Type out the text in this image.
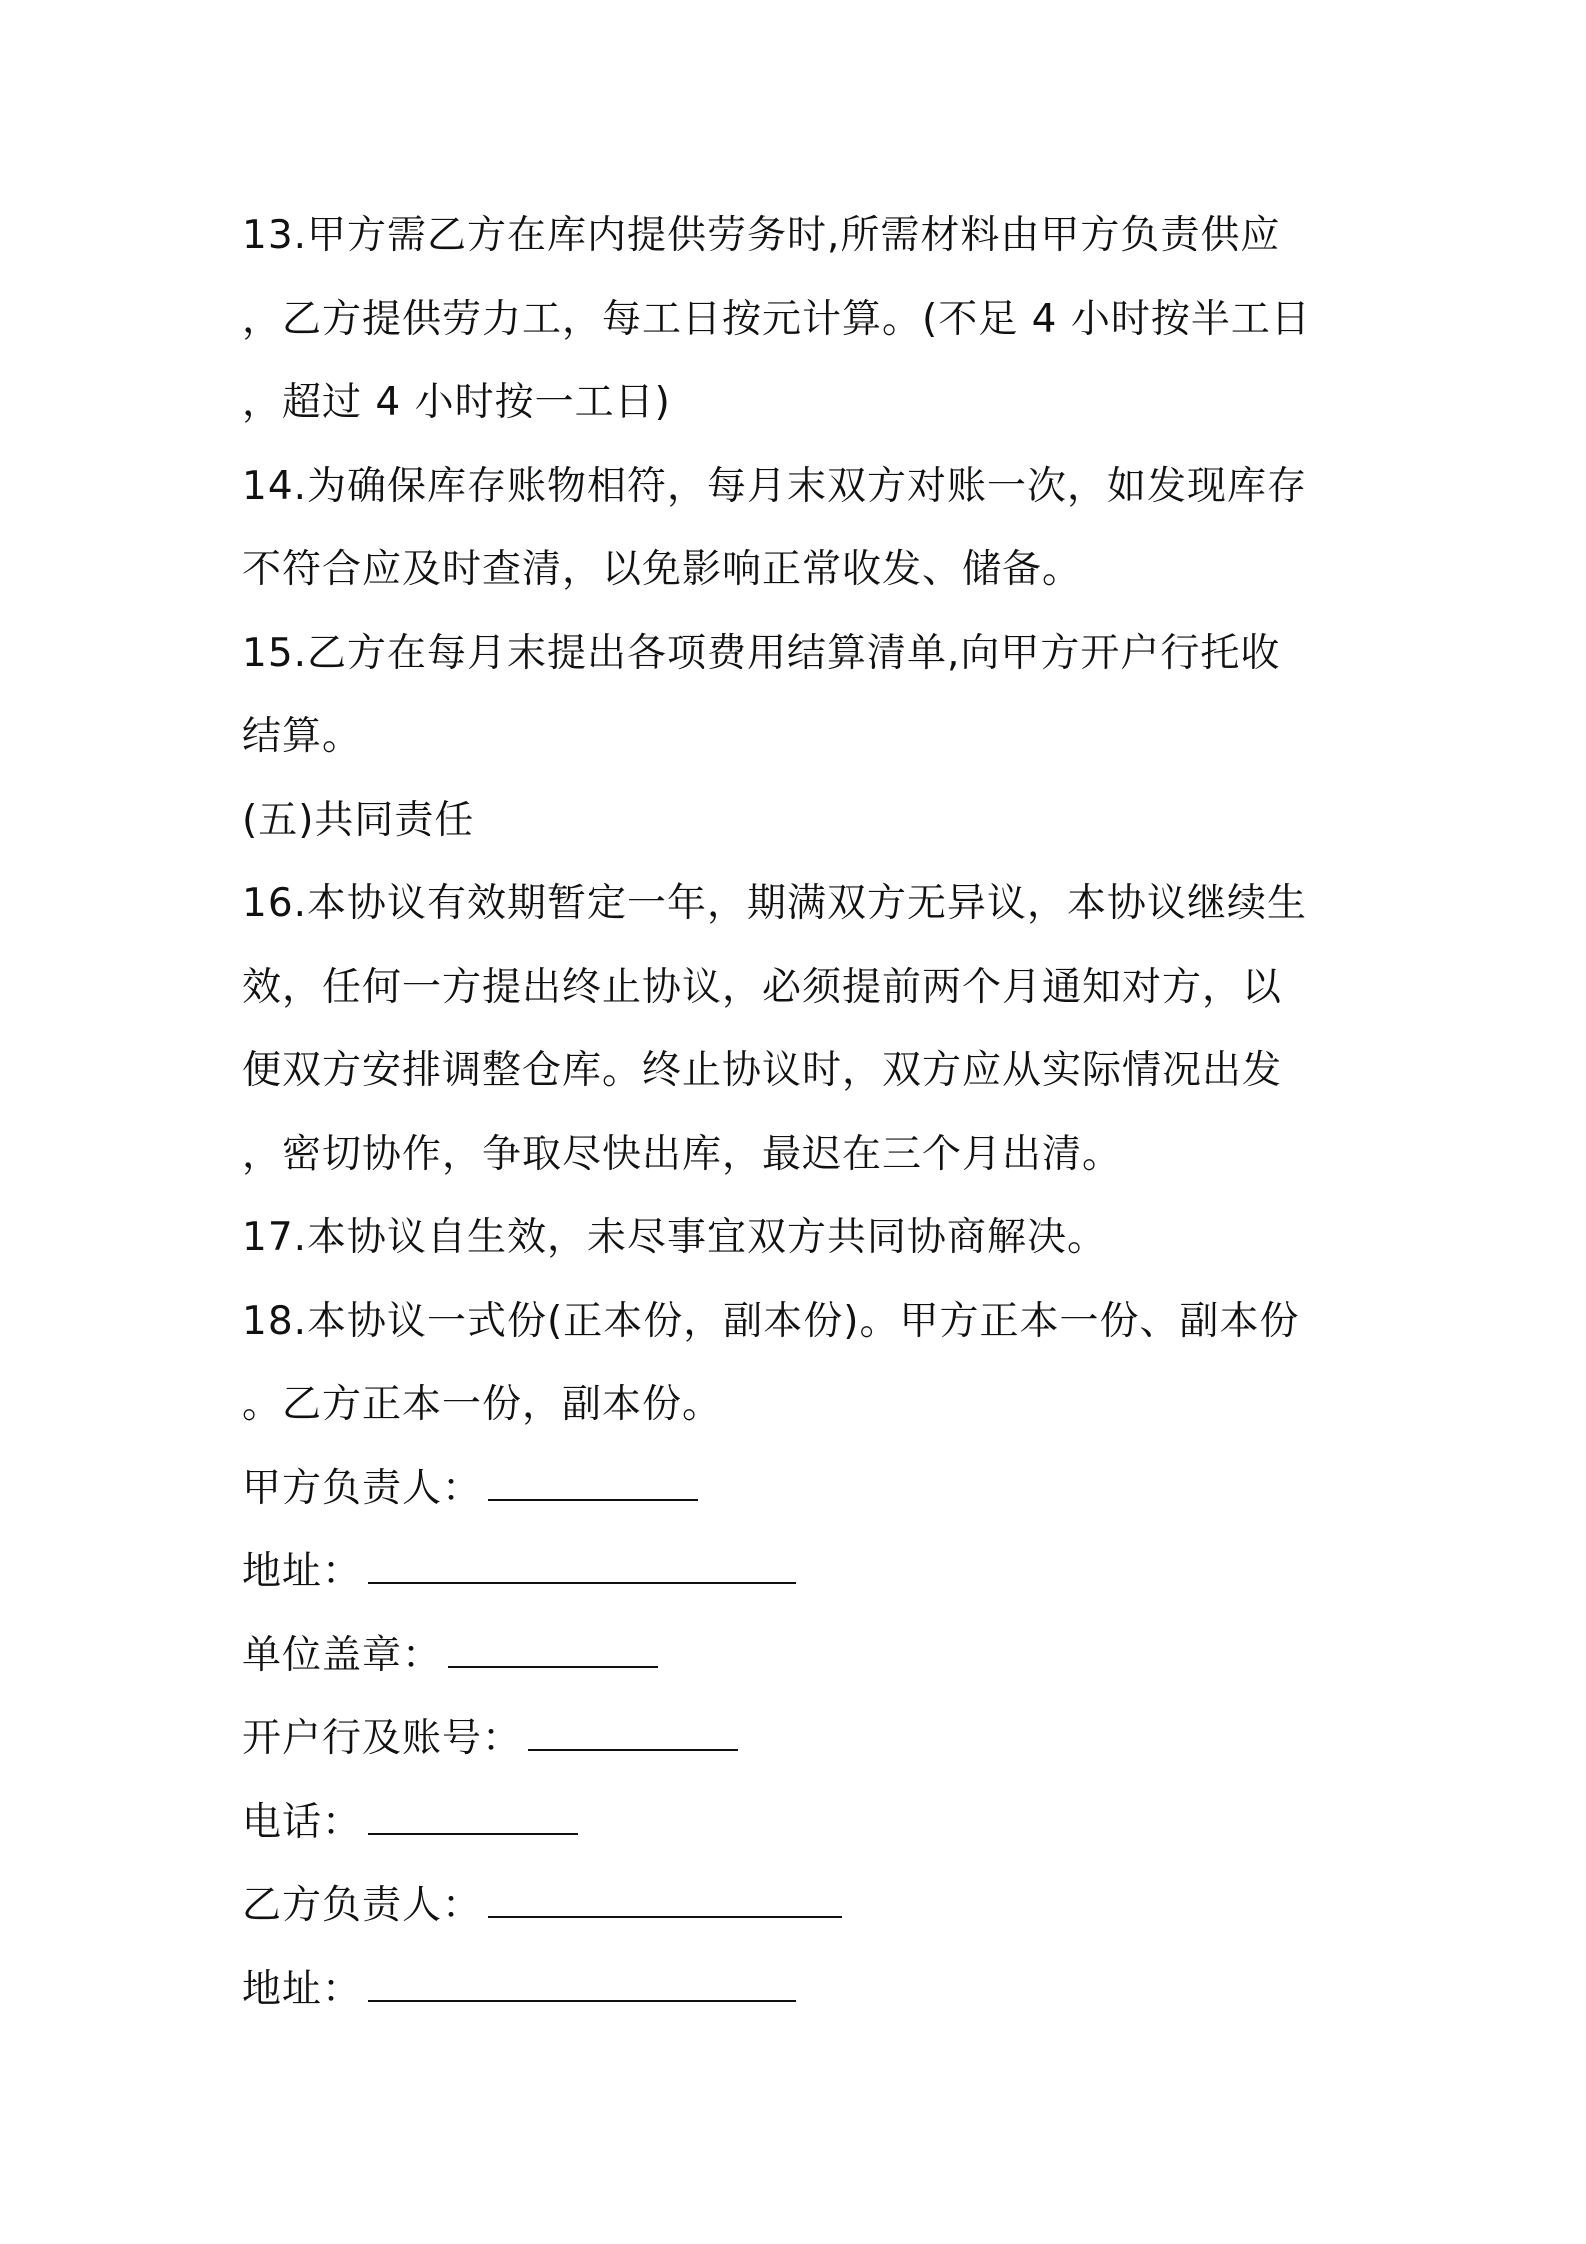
13.甲方需乙方在库内提供劳务时,所需材料由甲方负责供应
，乙方提供劳力工，每工日按元计算。(不足 4 小时按半工日
，超过 4 小时按一工日)
14.为确保库存账物相符，每月末双方对账一次，如发现库存
不符合应及时查清，以免影响正常收发、储备。
15.乙方在每月末提出各项费用结算清单,向甲方开户行托收
结算。
(五)共同责任
16.本协议有效期暂定一年，期满双方无异议，本协议继续生
效，任何一方提出终止协议，必须提前两个月通知对方，以
便双方安排调整仓库。终止协议时，双方应从实际情况出发
，密切协作，争取尽快出库，最迟在三个月出清。
17.本协议自生效，未尽事宜双方共同协商解决。
18.本协议一式份(正本份，副本份)。甲方正本一份、副本份
。乙方正本一份，副本份。
甲方负责人：
地址：
单位盖章：
开户行及账号：
电话：
乙方负责人：
地址：
